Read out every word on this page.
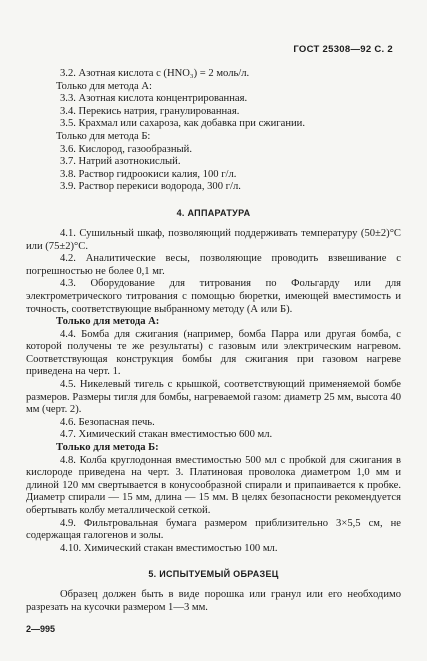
ГОСТ 25308—92 С. 2
3.2. Азотная кислота c (HNO₃) = 2 моль/л.
Только для метода А:
3.3. Азотная кислота концентрированная.
3.4. Перекись натрия, гранулированная.
3.5. Крахмал или сахароза, как добавка при сжигании.
Только для метода Б:
3.6. Кислород, газообразный.
3.7. Натрий азотнокислый.
3.8. Раствор гидроокиси калия, 100 г/л.
3.9. Раствор перекиси водорода, 300 г/л.
4. АППАРАТУРА
4.1. Сушильный шкаф, позволяющий поддерживать температуру (50±2)°С или (75±2)°С.
4.2. Аналитические весы, позволяющие проводить взвешивание с погрешностью не более 0,1 мг.
4.3. Оборудование для титрования по Фольгарду или для электрометрического титрования с помощью бюретки, имеющей вместимость и точность, соответствующие выбранному методу (А или Б).
Только для метода А:
4.4. Бомба для сжигания (например, бомба Парра или другая бомба, с которой получены те же результаты) с газовым или электрическим нагревом. Соответствующая конструкция бомбы для сжигания при газовом нагреве приведена на черт. 1.
4.5. Никелевый тигель с крышкой, соответствующий применяемой бомбе размеров. Размеры тигля для бомбы, нагреваемой газом: диаметр 25 мм, высота 40 мм (черт. 2).
4.6. Безопасная печь.
4.7. Химический стакан вместимостью 600 мл.
Только для метода Б:
4.8. Колба круглодонная вместимостью 500 мл с пробкой для сжигания в кислороде приведена на черт. 3. Платиновая проволока диаметром 1,0 мм и длиной 120 мм свертывается в конусообразной спирали и припаивается к пробке. Диаметр спирали — 15 мм, длина — 15 мм. В целях безопасности рекомендуется обертывать колбу металлической сеткой.
4.9. Фильтровальная бумага размером приблизительно 3×5,5 см, не содержащая галогенов и золы.
4.10. Химический стакан вместимостью 100 мл.
5. ИСПЫТУЕМЫЙ ОБРАЗЕЦ
Образец должен быть в виде порошка или гранул или его необходимо разрезать на кусочки размером 1—3 мм.
2—995
